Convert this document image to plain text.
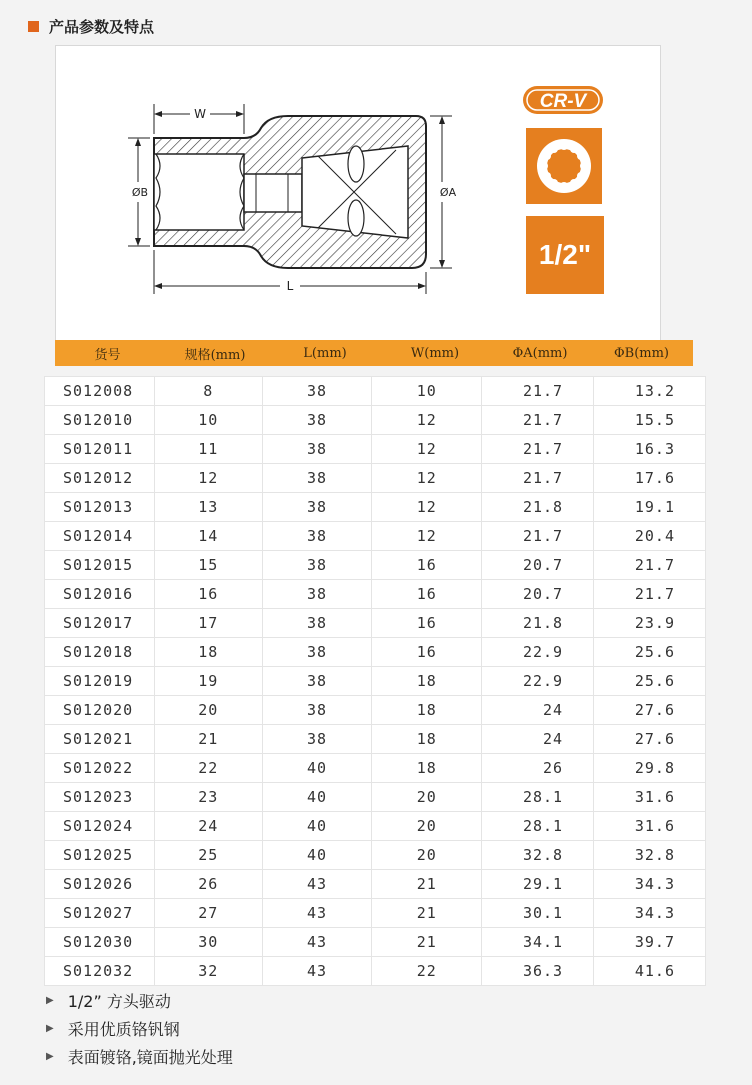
产品参数及特点
W
ØB	ØA
L
CR-V
1/2"
货号	规格(mm)	L(mm)	W(mm)	ΦA(mm)	ΦB(mm)
S012008	8	38	10	21.7	13.2
S012010	10	38	12	21.7	15.5
S012011	11	38	12	21.7	16.3
S012012	12	38	12	21.7	17.6
S012013	13	38	12	21.8	19.1
S012014	14	38	12	21.7	20.4
S012015	15	38	16	20.7	21.7
S012016	16	38	16	20.7	21.7
S012017	17	38	16	21.8	23.9
S012018	18	38	16	22.9	25.6
S012019	19	38	18	22.9	25.6
S012020	20	38	18	24	27.6
S012021	21	38	18	24	27.6
S012022	22	40	18	26	29.8
S012023	23	40	20	28.1	31.6
S012024	24	40	20	28.1	31.6
S012025	25	40	20	32.8	32.8
S012026	26	43	21	29.1	34.3
S012027	27	43	21	30.1	34.3
S012030	30	43	21	34.1	39.7
S012032	32	43	22	36.3	41.6
▶ 1/2” 方头驱动
▶ 采用优质铬钒钢
▶ 表面镀铬,镜面抛光处理
